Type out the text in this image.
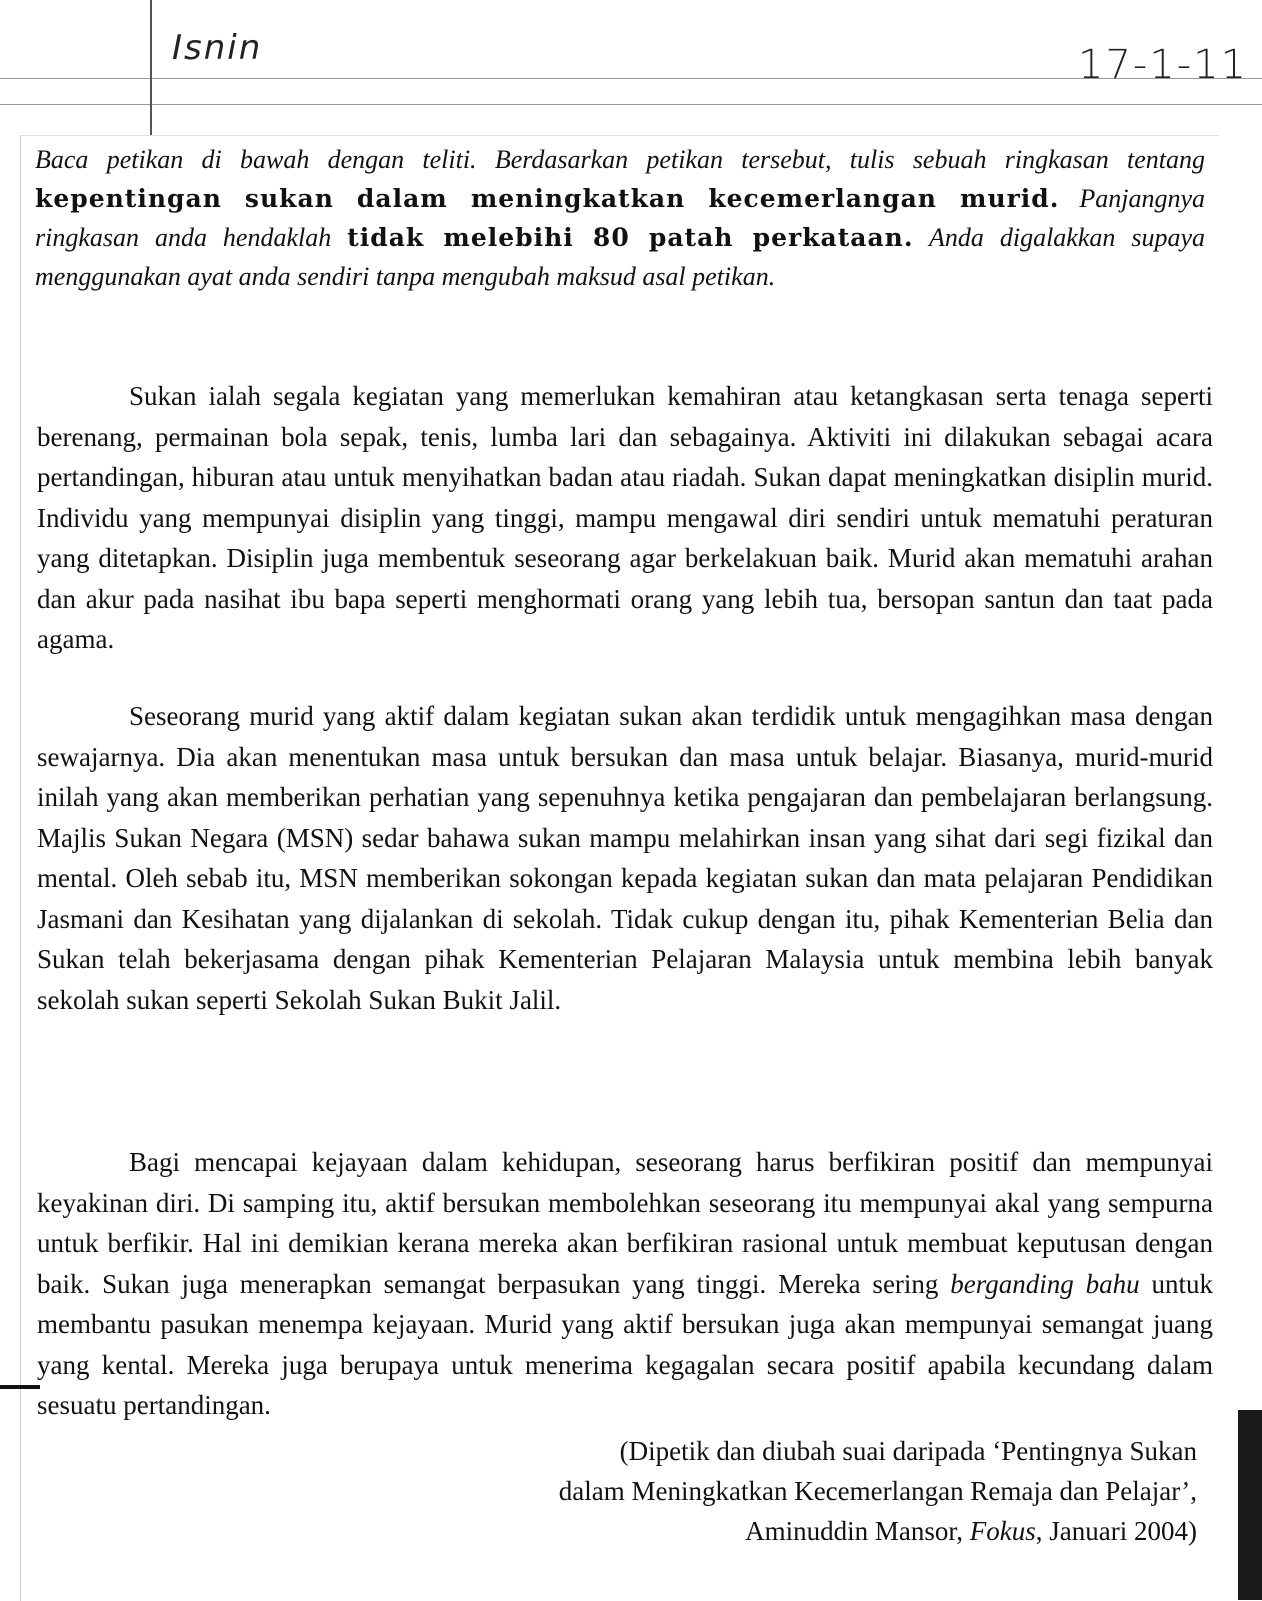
Isnin	17-1-11
Baca petikan di bawah dengan teliti. Berdasarkan petikan tersebut, tulis sebuah ringkasan tentang kepentingan sukan dalam meningkatkan kecemerlangan murid. Panjangnya ringkasan anda hendaklah tidak melebihi 80 patah perkataan. Anda digalakkan supaya menggunakan ayat anda sendiri tanpa mengubah maksud asal petikan.

Sukan ialah segala kegiatan yang memerlukan kemahiran atau ketangkasan serta tenaga seperti berenang, permainan bola sepak, tenis, lumba lari dan sebagainya. Aktiviti ini dilakukan sebagai acara pertandingan, hiburan atau untuk menyihatkan badan atau riadah. Sukan dapat meningkatkan disiplin murid. Individu yang mempunyai disiplin yang tinggi, mampu mengawal diri sendiri untuk mematuhi peraturan yang ditetapkan. Disiplin juga membentuk seseorang agar berkelakuan baik. Murid akan mematuhi arahan dan akur pada nasihat ibu bapa seperti menghormati orang yang lebih tua, bersopan santun dan taat pada agama.

Seseorang murid yang aktif dalam kegiatan sukan akan terdidik untuk mengagihkan masa dengan sewajarnya. Dia akan menentukan masa untuk bersukan dan masa untuk belajar. Biasanya, murid-murid inilah yang akan memberikan perhatian yang sepenuhnya ketika pengajaran dan pembelajaran berlangsung. Majlis Sukan Negara (MSN) sedar bahawa sukan mampu melahirkan insan yang sihat dari segi fizikal dan mental. Oleh sebab itu, MSN memberikan sokongan kepada kegiatan sukan dan mata pelajaran Pendidikan Jasmani dan Kesihatan yang dijalankan di sekolah. Tidak cukup dengan itu, pihak Kementerian Belia dan Sukan telah bekerjasama dengan pihak Kementerian Pelajaran Malaysia untuk membina lebih banyak sekolah sukan seperti Sekolah Sukan Bukit Jalil.

Bagi mencapai kejayaan dalam kehidupan, seseorang harus berfikiran positif dan mempunyai keyakinan diri. Di samping itu, aktif bersukan membolehkan seseorang itu mempunyai akal yang sempurna untuk berfikir. Hal ini demikian kerana mereka akan berfikiran rasional untuk membuat keputusan dengan baik. Sukan juga menerapkan semangat berpasukan yang tinggi. Mereka sering berganding bahu untuk membantu pasukan menempa kejayaan. Murid yang aktif bersukan juga akan mempunyai semangat juang yang kental. Mereka juga berupaya untuk menerima kegagalan secara positif apabila kecundang dalam sesuatu pertandingan.

(Dipetik dan diubah suai daripada ‘Pentingnya Sukan
dalam Meningkatkan Kecemerlangan Remaja dan Pelajar’,
Aminuddin Mansor, Fokus, Januari 2004)
